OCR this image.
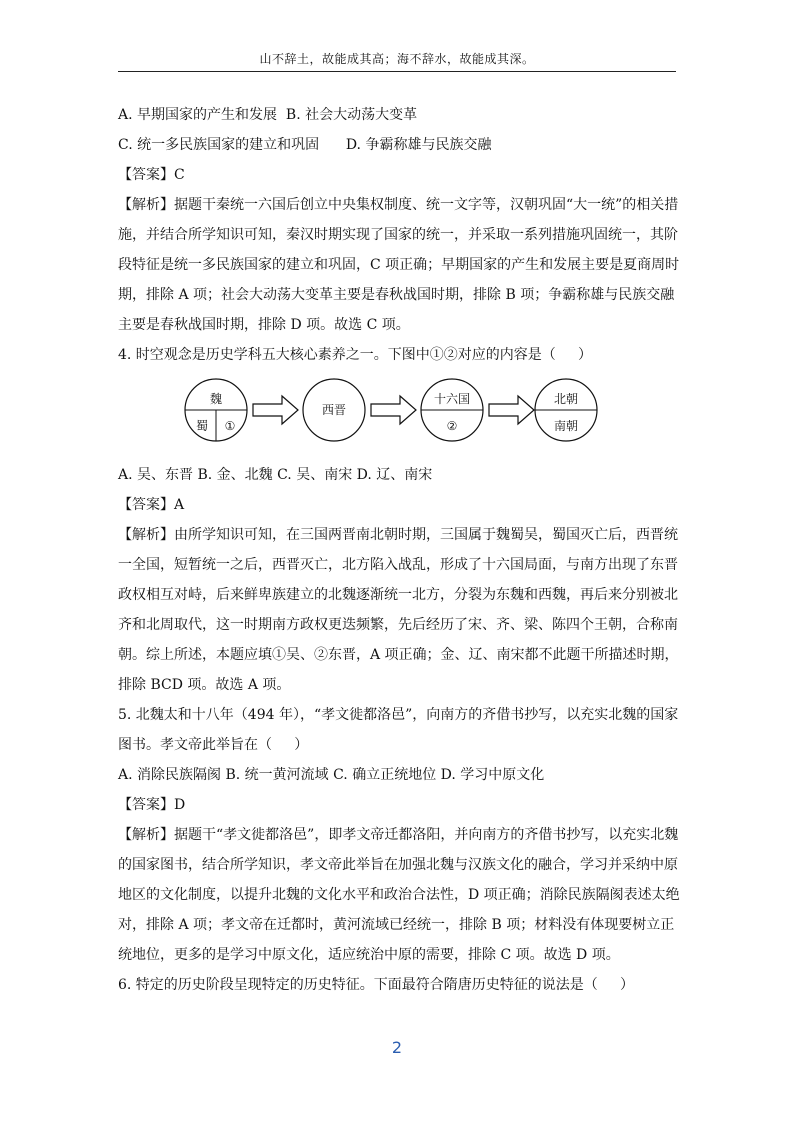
山不辞土，故能成其高；海不辞水，故能成其深。
A. 早期国家的产生和发展  B. 社会大动荡大变革
C. 统一多民族国家的建立和巩固      D. 争霸称雄与民族交融
【答案】C
【解析】据题干秦统一六国后创立中央集权制度、统一文字等，汉朝巩固“大一统”的相关措
施，并结合所学知识可知，秦汉时期实现了国家的统一，并采取一系列措施巩固统一，其阶
段特征是统一多民族国家的建立和巩固，C 项正确；早期国家的产生和发展主要是夏商周时
期，排除 A 项；社会大动荡大变革主要是春秋战国时期，排除 B 项；争霸称雄与民族交融
主要是春秋战国时期，排除 D 项。故选 C 项。
4. 时空观念是历史学科五大核心素养之一。下图中①②对应的内容是（     ）
魏
蜀 ①
西晋
十六国
②
北朝
南朝
A. 吴、东晋 B. 金、北魏 C. 吴、南宋 D. 辽、南宋
【答案】A
【解析】由所学知识可知，在三国两晋南北朝时期，三国属于魏蜀吴，蜀国灭亡后，西晋统
一全国，短暂统一之后，西晋灭亡，北方陷入战乱，形成了十六国局面，与南方出现了东晋
政权相互对峙，后来鲜卑族建立的北魏逐渐统一北方，分裂为东魏和西魏，再后来分别被北
齐和北周取代，这一时期南方政权更迭频繁，先后经历了宋、齐、梁、陈四个王朝，合称南
朝。综上所述，本题应填①吴、②东晋，A 项正确；金、辽、南宋都不此题干所描述时期，
排除 BCD 项。故选 A 项。
5. 北魏太和十八年（494 年），“孝文徙都洛邑”，向南方的齐借书抄写，以充实北魏的国家
图书。孝文帝此举旨在（     ）
A. 消除民族隔阂 B. 统一黄河流域 C. 确立正统地位 D. 学习中原文化
【答案】D
【解析】据题干“孝文徙都洛邑”，即孝文帝迁都洛阳，并向南方的齐借书抄写，以充实北魏
的国家图书，结合所学知识，孝文帝此举旨在加强北魏与汉族文化的融合，学习并采纳中原
地区的文化制度，以提升北魏的文化水平和政治合法性，D 项正确；消除民族隔阂表述太绝
对，排除 A 项；孝文帝在迁都时，黄河流域已经统一，排除 B 项；材料没有体现要树立正
统地位，更多的是学习中原文化，适应统治中原的需要，排除 C 项。故选 D 项。
6. 特定的历史阶段呈现特定的历史特征。下面最符合隋唐历史特征的说法是（     ）
2
